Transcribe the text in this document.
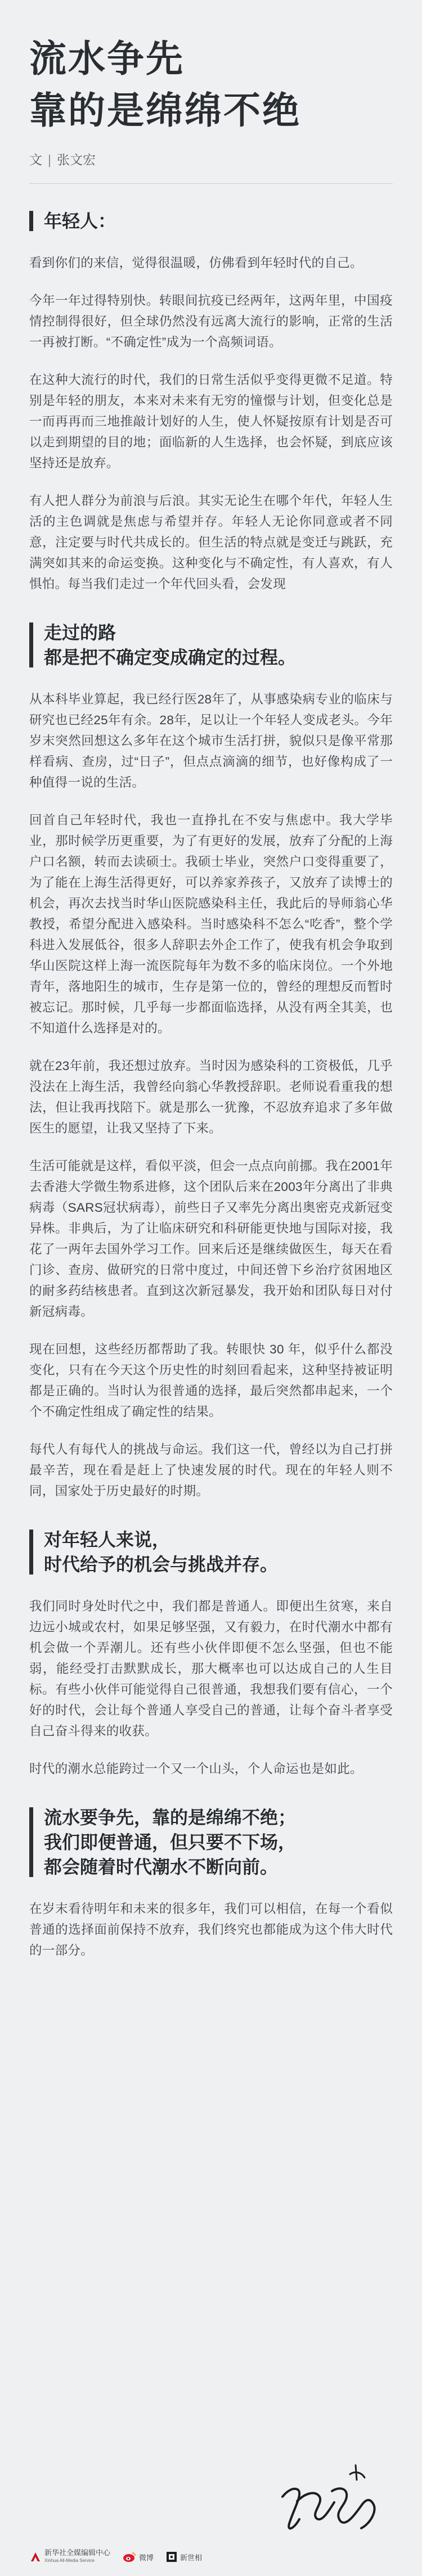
流水争先
靠的是绵绵不绝
文 | 张文宏
年轻人：

看到你们的来信，觉得很温暖，仿佛看到年轻时代的自己。

今年一年过得特别快。转眼间抗疫已经两年，这两年里，中国疫情控制得很好，但全球仍然没有远离大流行的影响，正常的生活一再被打断。“不确定性”成为一个高频词语。

在这种大流行的时代，我们的日常生活似乎变得更微不足道。特别是年轻的朋友，本来对未来有无穷的憧憬与计划，但变化总是一而再再而三地推敲计划好的人生，使人怀疑按原有计划是否可以走到期望的目的地；面临新的人生选择，也会怀疑，到底应该坚持还是放弃。

有人把人群分为前浪与后浪。其实无论生在哪个年代，年轻人生活的主色调就是焦虑与希望并存。年轻人无论你同意或者不同意，注定要与时代共成长的。但生活的特点就是变迁与跳跃，充满突如其来的命运变换。这种变化与不确定性，有人喜欢，有人惧怕。每当我们走过一个年代回头看，会发现

走过的路
都是把不确定变成确定的过程。

从本科毕业算起，我已经行医28年了，从事感染病专业的临床与研究也已经25年有余。28年，足以让一个年轻人变成老头。今年岁末突然回想这么多年在这个城市生活打拼，貌似只是像平常那样看病、查房，过“日子”，但点点滴滴的细节，也好像构成了一种值得一说的生活。

回首自己年轻时代，我也一直挣扎在不安与焦虑中。我大学毕业，那时候学历更重要，为了有更好的发展，放弃了分配的上海户口名额，转而去读硕士。我硕士毕业，突然户口变得重要了，为了能在上海生活得更好，可以养家养孩子，又放弃了读博士的机会，再次去找当时华山医院感染科主任，我此后的导师翁心华教授，希望分配进入感染科。当时感染科不怎么“吃香”，整个学科进入发展低谷，很多人辞职去外企工作了，使我有机会争取到华山医院这样上海一流医院每年为数不多的临床岗位。一个外地青年，落地阳生的城市，生存是第一位的，曾经的理想反而暂时被忘记。那时候，几乎每一步都面临选择，从没有两全其美，也不知道什么选择是对的。

就在23年前，我还想过放弃。当时因为感染科的工资极低，几乎没法在上海生活，我曾经向翁心华教授辞职。老师说看重我的想法，但让我再找陪下。就是那么一犹豫，不忍放弃追求了多年做医生的愿望，让我又坚持了下来。

生活可能就是这样，看似平淡，但会一点点向前挪。我在2001年去香港大学微生物系进修，这个团队后来在2003年分离出了非典病毒（SARS冠状病毒），前些日子又率先分离出奥密克戎新冠变异株。非典后，为了让临床研究和科研能更快地与国际对接，我花了一两年去国外学习工作。回来后还是继续做医生，每天在看门诊、查房、做研究的日常中度过，中间还曾下乡治疗贫困地区的耐多药结核患者。直到这次新冠暴发，我开始和团队每日对付新冠病毒。

现在回想，这些经历都帮助了我。转眼快 30 年，似乎什么都没变化，只有在今天这个历史性的时刻回看起来，这种坚持被证明都是正确的。当时认为很普通的选择，最后突然都串起来，一个个不确定性组成了确定性的结果。

每代人有每代人的挑战与命运。我们这一代，曾经以为自己打拼最辛苦，现在看是赶上了快速发展的时代。现在的年轻人则不同，国家处于历史最好的时期。

对年轻人来说，
时代给予的机会与挑战并存。

我们同时身处时代之中，我们都是普通人。即便出生贫寒，来自边远小城或农村，如果足够坚强，又有毅力，在时代潮水中都有机会做一个弄潮儿。还有些小伙伴即便不怎么坚强，但也不能弱，能经受打击默默成长，那大概率也可以达成自己的人生目标。有些小伙伴可能觉得自己很普通，我想我们要有信心，一个好的时代，会让每个普通人享受自己的普通，让每个奋斗者享受自己奋斗得来的收获。

时代的潮水总能跨过一个又一个山头，个人命运也是如此。

流水要争先，靠的是绵绵不绝；
我们即便普通，但只要不下场，
都会随着时代潮水不断向前。

在岁末看待明年和未来的很多年，我们可以相信，在每一个看似普通的选择面前保持不放弃，我们终究也都能成为这个伟大时代的一部分。

新华社全媒编辑中心
Xinhua All-Media Service	微博	新世相
